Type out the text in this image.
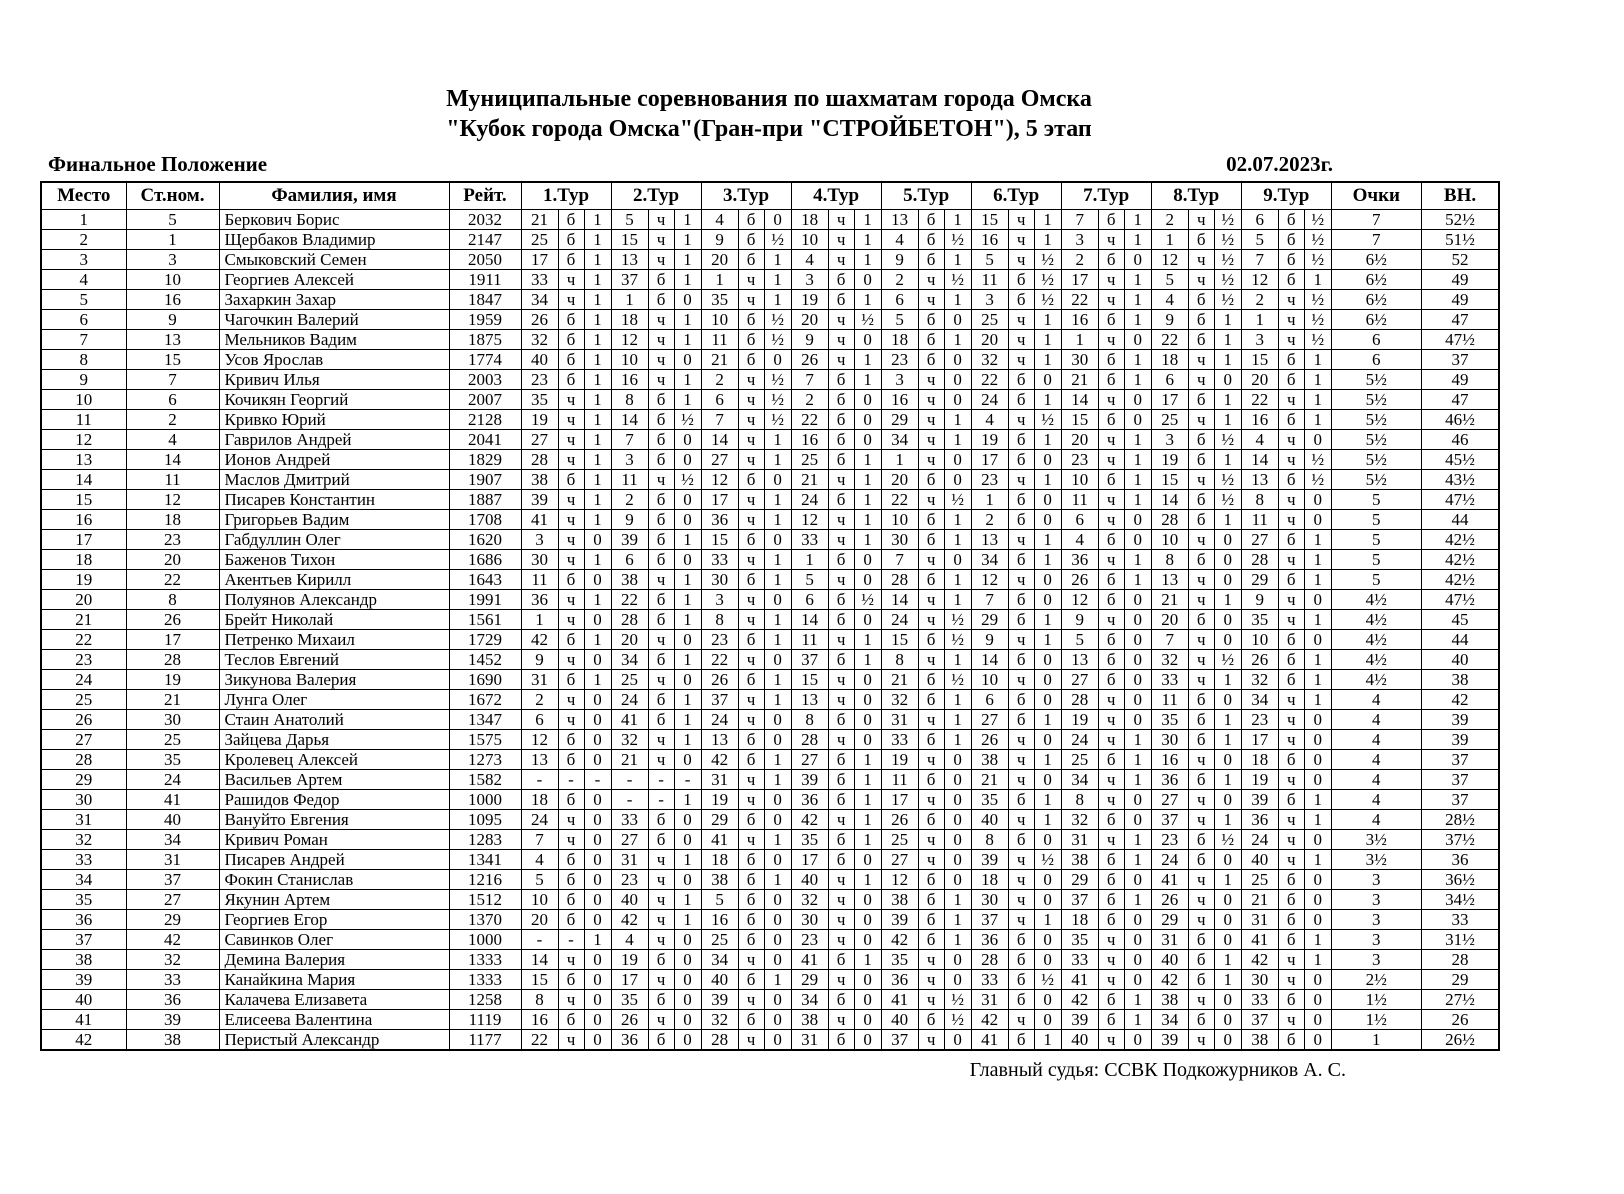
Муниципальные соревнования по шахматам города Омска
"Кубок города Омска"(Гран-при "СТРОЙБЕТОН"), 5 этап
Финальное Положение	02.07.2023г.
Место	Ст.ном.	Фамилия, имя	Рейт.	1.Тур			2.Тур			3.Тур			4.Тур			5.Тур			6.Тур			7.Тур			8.Тур			9.Тур			Очки	ВН.
1	5	Беркович Борис	2032	21	б	1	5	ч	1	4	б	0	18	ч	1	13	б	1	15	ч	1	7	б	1	2	ч	½	6	б	½	7	52½
2	1	Щербаков Владимир	2147	25	б	1	15	ч	1	9	б	½	10	ч	1	4	б	½	16	ч	1	3	ч	1	1	б	½	5	б	½	7	51½
3	3	Смыковский Семен	2050	17	б	1	13	ч	1	20	б	1	4	ч	1	9	б	1	5	ч	½	2	б	0	12	ч	½	7	б	½	6½	52
4	10	Георгиев Алексей	1911	33	ч	1	37	б	1	1	ч	1	3	б	0	2	ч	½	11	б	½	17	ч	1	5	ч	½	12	б	1	6½	49
5	16	Захаркин Захар	1847	34	ч	1	1	б	0	35	ч	1	19	б	1	6	ч	1	3	б	½	22	ч	1	4	б	½	2	ч	½	6½	49
6	9	Чагочкин Валерий	1959	26	б	1	18	ч	1	10	б	½	20	ч	½	5	б	0	25	ч	1	16	б	1	9	б	1	1	ч	½	6½	47
7	13	Мельников Вадим	1875	32	б	1	12	ч	1	11	б	½	9	ч	0	18	б	1	20	ч	1	1	ч	0	22	б	1	3	ч	½	6	47½
8	15	Усов Ярослав	1774	40	б	1	10	ч	0	21	б	0	26	ч	1	23	б	0	32	ч	1	30	б	1	18	ч	1	15	б	1	6	37
9	7	Кривич Илья	2003	23	б	1	16	ч	1	2	ч	½	7	б	1	3	ч	0	22	б	0	21	б	1	6	ч	0	20	б	1	5½	49
10	6	Кочикян Георгий	2007	35	ч	1	8	б	1	6	ч	½	2	б	0	16	ч	0	24	б	1	14	ч	0	17	б	1	22	ч	1	5½	47
11	2	Кривко Юрий	2128	19	ч	1	14	б	½	7	ч	½	22	б	0	29	ч	1	4	ч	½	15	б	0	25	ч	1	16	б	1	5½	46½
12	4	Гаврилов Андрей	2041	27	ч	1	7	б	0	14	ч	1	16	б	0	34	ч	1	19	б	1	20	ч	1	3	б	½	4	ч	0	5½	46
13	14	Ионов Андрей	1829	28	ч	1	3	б	0	27	ч	1	25	б	1	1	ч	0	17	б	0	23	ч	1	19	б	1	14	ч	½	5½	45½
14	11	Маслов Дмитрий	1907	38	б	1	11	ч	½	12	б	0	21	ч	1	20	б	0	23	ч	1	10	б	1	15	ч	½	13	б	½	5½	43½
15	12	Писарев Константин	1887	39	ч	1	2	б	0	17	ч	1	24	б	1	22	ч	½	1	б	0	11	ч	1	14	б	½	8	ч	0	5	47½
16	18	Григорьев Вадим	1708	41	ч	1	9	б	0	36	ч	1	12	ч	1	10	б	1	2	б	0	6	ч	0	28	б	1	11	ч	0	5	44
17	23	Габдуллин Олег	1620	3	ч	0	39	б	1	15	б	0	33	ч	1	30	б	1	13	ч	1	4	б	0	10	ч	0	27	б	1	5	42½
18	20	Баженов Тихон	1686	30	ч	1	6	б	0	33	ч	1	1	б	0	7	ч	0	34	б	1	36	ч	1	8	б	0	28	ч	1	5	42½
19	22	Акентьев Кирилл	1643	11	б	0	38	ч	1	30	б	1	5	ч	0	28	б	1	12	ч	0	26	б	1	13	ч	0	29	б	1	5	42½
20	8	Полуянов Александр	1991	36	ч	1	22	б	1	3	ч	0	6	б	½	14	ч	1	7	б	0	12	б	0	21	ч	1	9	ч	0	4½	47½
21	26	Брейт Николай	1561	1	ч	0	28	б	1	8	ч	1	14	б	0	24	ч	½	29	б	1	9	ч	0	20	б	0	35	ч	1	4½	45
22	17	Петренко Михаил	1729	42	б	1	20	ч	0	23	б	1	11	ч	1	15	б	½	9	ч	1	5	б	0	7	ч	0	10	б	0	4½	44
23	28	Теслов Евгений	1452	9	ч	0	34	б	1	22	ч	0	37	б	1	8	ч	1	14	б	0	13	б	0	32	ч	½	26	б	1	4½	40
24	19	Зикунова Валерия	1690	31	б	1	25	ч	0	26	б	1	15	ч	0	21	б	½	10	ч	0	27	б	0	33	ч	1	32	б	1	4½	38
25	21	Лунга Олег	1672	2	ч	0	24	б	1	37	ч	1	13	ч	0	32	б	1	6	б	0	28	ч	0	11	б	0	34	ч	1	4	42
26	30	Стаин Анатолий	1347	6	ч	0	41	б	1	24	ч	0	8	б	0	31	ч	1	27	б	1	19	ч	0	35	б	1	23	ч	0	4	39
27	25	Зайцева Дарья	1575	12	б	0	32	ч	1	13	б	0	28	ч	0	33	б	1	26	ч	0	24	ч	1	30	б	1	17	ч	0	4	39
28	35	Кролевец Алексей	1273	13	б	0	21	ч	0	42	б	1	27	б	1	19	ч	0	38	ч	1	25	б	1	16	ч	0	18	б	0	4	37
29	24	Васильев Артем	1582	-	-	-	-	-	-	31	ч	1	39	б	1	11	б	0	21	ч	0	34	ч	1	36	б	1	19	ч	0	4	37
30	41	Рашидов Федор	1000	18	б	0	-	-	1	19	ч	0	36	б	1	17	ч	0	35	б	1	8	ч	0	27	ч	0	39	б	1	4	37
31	40	Вануйто Евгения	1095	24	ч	0	33	б	0	29	б	0	42	ч	1	26	б	0	40	ч	1	32	б	0	37	ч	1	36	ч	1	4	28½
32	34	Кривич Роман	1283	7	ч	0	27	б	0	41	ч	1	35	б	1	25	ч	0	8	б	0	31	ч	1	23	б	½	24	ч	0	3½	37½
33	31	Писарев Андрей	1341	4	б	0	31	ч	1	18	б	0	17	б	0	27	ч	0	39	ч	½	38	б	1	24	б	0	40	ч	1	3½	36
34	37	Фокин Станислав	1216	5	б	0	23	ч	0	38	б	1	40	ч	1	12	б	0	18	ч	0	29	б	0	41	ч	1	25	б	0	3	36½
35	27	Якунин Артем	1512	10	б	0	40	ч	1	5	б	0	32	ч	0	38	б	1	30	ч	0	37	б	1	26	ч	0	21	б	0	3	34½
36	29	Георгиев Егор	1370	20	б	0	42	ч	1	16	б	0	30	ч	0	39	б	1	37	ч	1	18	б	0	29	ч	0	31	б	0	3	33
37	42	Савинков Олег	1000	-	-	1	4	ч	0	25	б	0	23	ч	0	42	б	1	36	б	0	35	ч	0	31	б	0	41	б	1	3	31½
38	32	Демина Валерия	1333	14	ч	0	19	б	0	34	ч	0	41	б	1	35	ч	0	28	б	0	33	ч	0	40	б	1	42	ч	1	3	28
39	33	Канайкина Мария	1333	15	б	0	17	ч	0	40	б	1	29	ч	0	36	ч	0	33	б	½	41	ч	0	42	б	1	30	ч	0	2½	29
40	36	Калачева Елизавета	1258	8	ч	0	35	б	0	39	ч	0	34	б	0	41	ч	½	31	б	0	42	б	1	38	ч	0	33	б	0	1½	27½
41	39	Елисеева Валентина	1119	16	б	0	26	ч	0	32	б	0	38	ч	0	40	б	½	42	ч	0	39	б	1	34	б	0	37	ч	0	1½	26
42	38	Перистый Александр	1177	22	ч	0	36	б	0	28	ч	0	31	б	0	37	ч	0	41	б	1	40	ч	0	39	ч	0	38	б	0	1	26½
Главный судья: ССВК Подкожурников А. С.
